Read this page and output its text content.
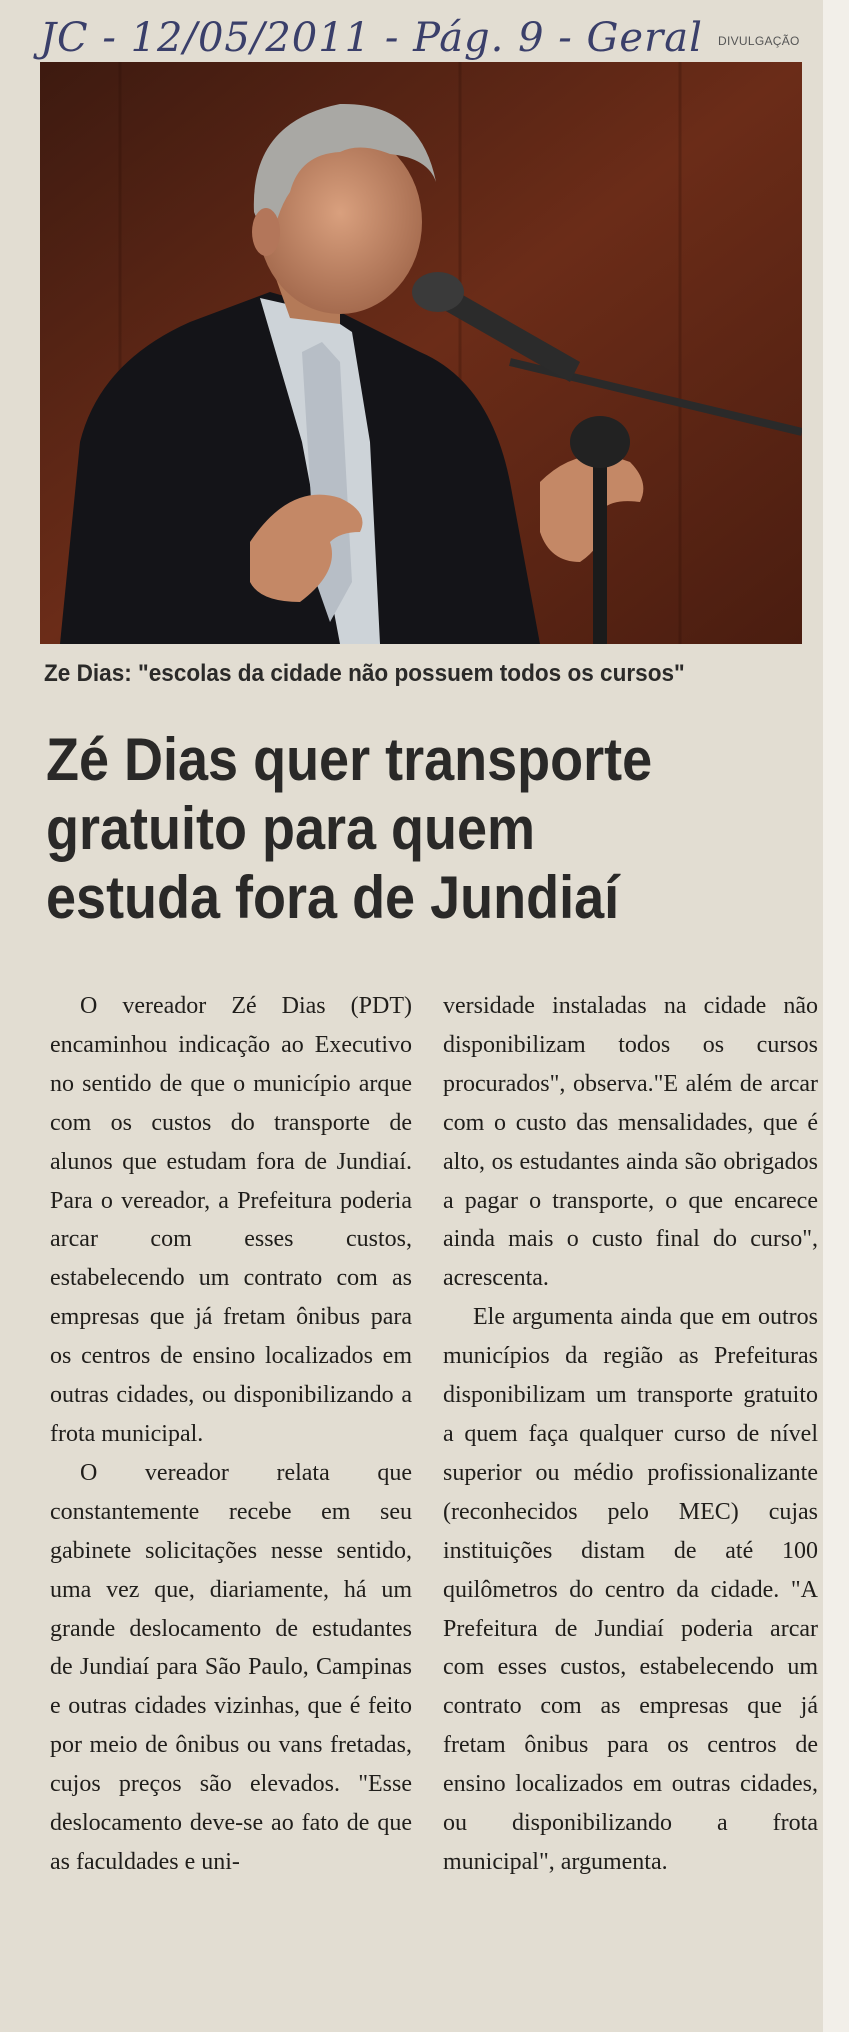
JC - 12/05/2011 - Pág. 9 - Geral	DIVULGAÇÃO
Ze Dias: "escolas da cidade não possuem todos os cursos"
Zé Dias quer transporte
gratuito para quem
estuda fora de Jundiaí

O vereador Zé Dias (PDT) encaminhou indicação ao Executivo no sentido de que o município arque com os custos do transporte de alunos que estudam fora de Jundiaí. Para o vereador, a Prefeitura poderia arcar com esses custos, estabelecendo um contrato com as empresas que já fretam ônibus para os centros de ensino localizados em outras cidades, ou disponibilizando a frota municipal.

O vereador relata que constantemente recebe em seu gabinete solicitações nesse sentido, uma vez que, diariamente, há um grande deslocamento de estudantes de Jundiaí para São Paulo, Campinas e outras cidades vizinhas, que é feito por meio de ônibus ou vans fretadas, cujos preços são elevados. "Esse deslocamento deve-se ao fato de que as faculdades e uni-

versidade instaladas na cidade não disponibilizam todos os cursos procurados", observa."E além de arcar com o custo das mensalidades, que é alto, os estudantes ainda são obrigados a pagar o transporte, o que encarece ainda mais o custo final do curso", acrescenta.

Ele argumenta ainda que em outros municípios da região as Prefeituras disponibilizam um transporte gratuito a quem faça qualquer curso de nível superior ou médio profissionalizante (reconhecidos pelo MEC) cujas instituições distam de até 100 quilômetros do centro da cidade. "A Prefeitura de Jundiaí poderia arcar com esses custos, estabelecendo um contrato com as empresas que já fretam ônibus para os centros de ensino localizados em outras cidades, ou disponibilizando a frota municipal", argumenta.
